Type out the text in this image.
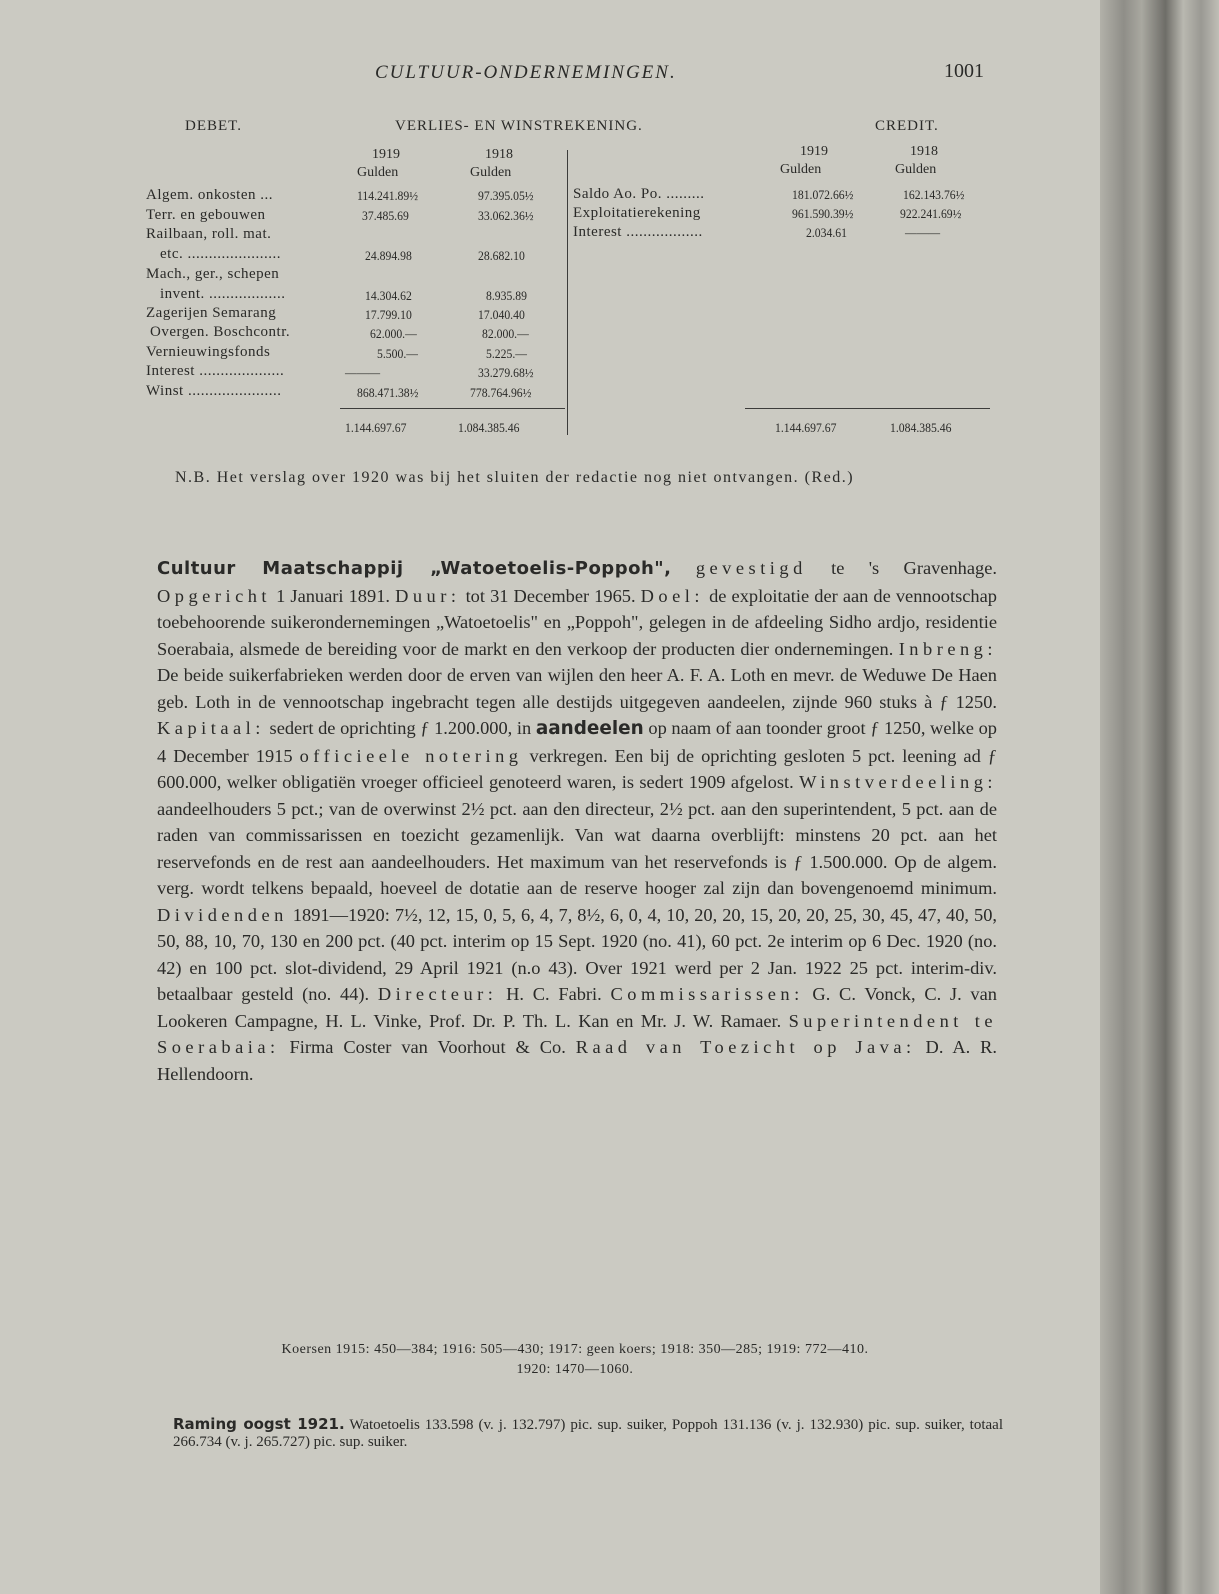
CULTUUR-ONDERNEMINGEN.	1001
DEBET.	VERLIES- EN WINSTREKENING.	CREDIT.
1919	1918
Gulden	Gulden
1919	1918
Gulden	Gulden
Algem. onkosten ...	114.241.89½	97.395.05½
Terr. en gebouwen	37.485.69	33.062.36½
Railbaan, roll. mat.
etc. ......................	24.894.98	28.682.10
Mach., ger., schepen
invent. ..................	14.304.62	8.935.89
Zagerijen Semarang	17.799.10	17.040.40
Overgen. Boschcontr.	62.000.—	82.000.—
Vernieuwingsfonds	5.500.—	5.225.—
Interest ....................	———	33.279.68½
Winst ......................	868.471.38½	778.764.96½
1.144.697.67	1.084.385.46
Saldo Ao. Po. .........	181.072.66½	162.143.76½
Exploitatierekening	961.590.39½	922.241.69½
Interest ..................	2.034.61	———
1.144.697.67	1.084.385.46
N.B. Het verslag over 1920 was bij het sluiten der redactie nog niet ontvangen. (Red.)
Cultuur Maatschappij „Watoetoelis-Poppoh", gevestigd te 's Gravenhage. Opgericht 1 Januari 1891. Duur: tot 31 December 1965. Doel: de exploitatie der aan de vennootschap toebehoorende suikerondernemingen „Watoetoelis" en „Poppoh", gelegen in de afdeeling Sidho ardjo, residentie Soerabaia, alsmede de bereiding voor de markt en den verkoop der producten dier ondernemingen. Inbreng: De beide suikerfabrieken werden door de erven van wijlen den heer A. F. A. Loth en mevr. de Weduwe De Haen geb. Loth in de vennootschap ingebracht tegen alle destijds uitgegeven aandeelen, zijnde 960 stuks à ƒ 1250. Kapitaal: sedert de oprichting ƒ 1.200.000, in aandeelen op naam of aan toonder groot ƒ 1250, welke op 4 December 1915 officieele notering verkregen. Een bij de oprichting gesloten 5 pct. leening ad ƒ 600.000, welker obligatiën vroeger officieel genoteerd waren, is sedert 1909 afgelost. Winstverdeeling: aandeelhouders 5 pct.; van de overwinst 2½ pct. aan den directeur, 2½ pct. aan den superintendent, 5 pct. aan de raden van commissarissen en toezicht gezamenlijk. Van wat daarna overblijft: minstens 20 pct. aan het reservefonds en de rest aan aandeelhouders. Het maximum van het reservefonds is ƒ 1.500.000. Op de algem. verg. wordt telkens bepaald, hoeveel de dotatie aan de reserve hooger zal zijn dan bovengenoemd minimum. Dividenden 1891—1920: 7½, 12, 15, 0, 5, 6, 4, 7, 8½, 6, 0, 4, 10, 20, 20, 15, 20, 20, 25, 30, 45, 47, 40, 50, 50, 88, 10, 70, 130 en 200 pct. (40 pct. interim op 15 Sept. 1920 (no. 41), 60 pct. 2e interim op 6 Dec. 1920 (no. 42) en 100 pct. slot-dividend, 29 April 1921 (n.o 43). Over 1921 werd per 2 Jan. 1922 25 pct. interim-div. betaalbaar gesteld (no. 44). Directeur: H. C. Fabri. Commissarissen: G. C. Vonck, C. J. van Lookeren Campagne, H. L. Vinke, Prof. Dr. P. Th. L. Kan en Mr. J. W. Ramaer. Superintendent te Soerabaia: Firma Coster van Voorhout & Co. Raad van Toezicht op Java: D. A. R. Hellendoorn.
Koersen 1915: 450—384; 1916: 505—430; 1917: geen koers; 1918: 350—285; 1919: 772—410.
1920: 1470—1060.
Raming oogst 1921. Watoetoelis 133.598 (v. j. 132.797) pic. sup. suiker, Poppoh 131.136 (v. j. 132.930) pic. sup. suiker, totaal 266.734 (v. j. 265.727) pic. sup. suiker.
